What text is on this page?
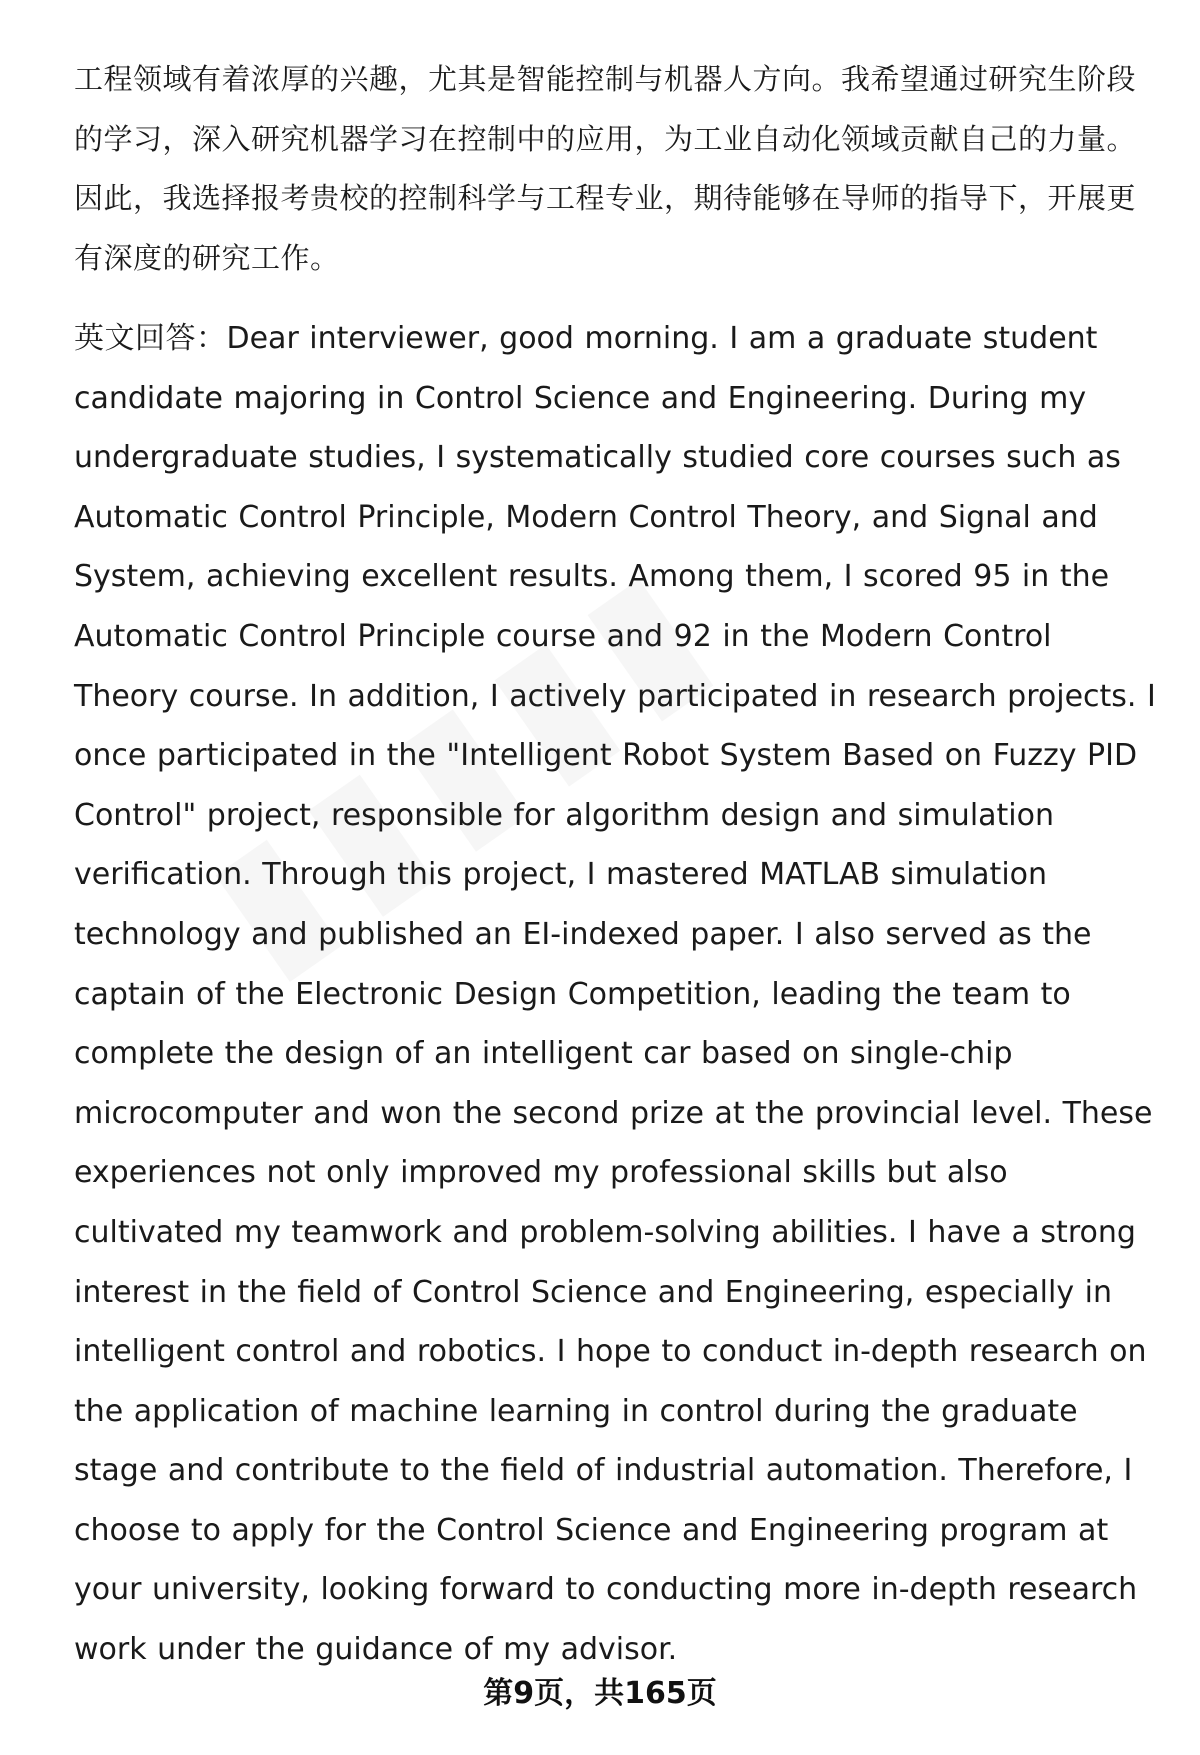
工程领域有着浓厚的兴趣，尤其是智能控制与机器人方向。我希望通过研究生阶段的学习，深入研究机器学习在控制中的应用，为工业自动化领域贡献自己的力量。因此，我选择报考贵校的控制科学与工程专业，期待能够在导师的指导下，开展更有深度的研究工作。

英文回答：Dear interviewer, good morning. I am a graduate student candidate majoring in Control Science and Engineering. During my undergraduate studies, I systematically studied core courses such as Automatic Control Principle, Modern Control Theory, and Signal and System, achieving excellent results. Among them, I scored 95 in the Automatic Control Principle course and 92 in the Modern Control Theory course. In addition, I actively participated in research projects. I once participated in the "Intelligent Robot System Based on Fuzzy PID Control" project, responsible for algorithm design and simulation verification. Through this project, I mastered MATLAB simulation technology and published an EI-indexed paper. I also served as the captain of the Electronic Design Competition, leading the team to complete the design of an intelligent car based on single-chip microcomputer and won the second prize at the provincial level. These experiences not only improved my professional skills but also cultivated my teamwork and problem-solving abilities. I have a strong interest in the field of Control Science and Engineering, especially in intelligent control and robotics. I hope to conduct in-depth research on the application of machine learning in control during the graduate stage and contribute to the field of industrial automation. Therefore, I choose to apply for the Control Science and Engineering program at your university, looking forward to conducting more in-depth research work under the guidance of my advisor.
第9页，共165页
